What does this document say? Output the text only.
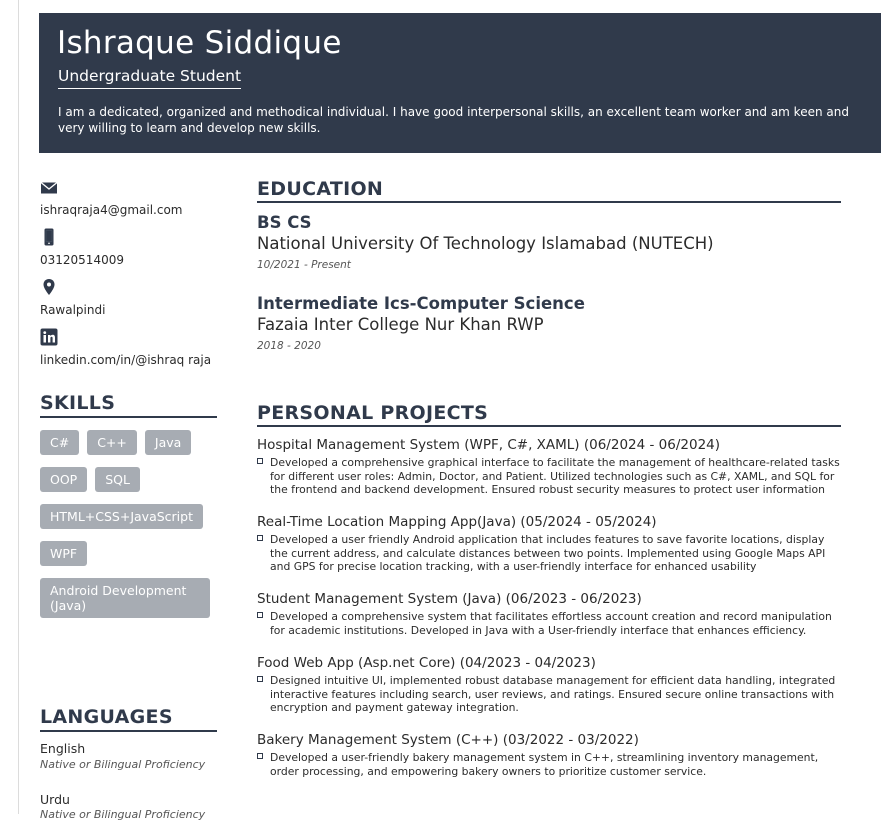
Ishraque Siddique
Undergraduate Student
I am a dedicated, organized and methodical individual. I have good interpersonal skills, an excellent team worker and am keen and very willing to learn and develop new skills.
ishraqraja4@gmail.com
03120514009
Rawalpindi
linkedin.com/in/@ishraq raja
SKILLS
C#	C++	Java
OOP	SQL
HTML+CSS+JavaScript
WPF
Android Development (Java)
LANGUAGES
English
Native or Bilingual Proficiency
Urdu
Native or Bilingual Proficiency
EDUCATION
BS CS
National University Of Technology Islamabad (NUTECH)
10/2021 - Present
Intermediate Ics-Computer Science
Fazaia Inter College Nur Khan RWP
2018 - 2020
PERSONAL PROJECTS
Hospital Management System (WPF, C#, XAML) (06/2024 - 06/2024)
Developed a comprehensive graphical interface to facilitate the management of healthcare-related tasks for different user roles: Admin, Doctor, and Patient. Utilized technologies such as C#, XAML, and SQL for the frontend and backend development. Ensured robust security measures to protect user information
Real-Time Location Mapping App(Java) (05/2024 - 05/2024)
Developed a user friendly Android application that includes features to save favorite locations, display the current address, and calculate distances between two points. Implemented using Google Maps API and GPS for precise location tracking, with a user-friendly interface for enhanced usability
Student Management System (Java) (06/2023 - 06/2023)
Developed a comprehensive system that facilitates effortless account creation and record manipulation for academic institutions. Developed in Java with a User-friendly interface that enhances efficiency.
Food Web App (Asp.net Core) (04/2023 - 04/2023)
Designed intuitive UI, implemented robust database management for efficient data handling, integrated interactive features including search, user reviews, and ratings. Ensured secure online transactions with encryption and payment gateway integration.
Bakery Management System (C++) (03/2022 - 03/2022)
Developed a user-friendly bakery management system in C++, streamlining inventory management, order processing, and empowering bakery owners to prioritize customer service.
